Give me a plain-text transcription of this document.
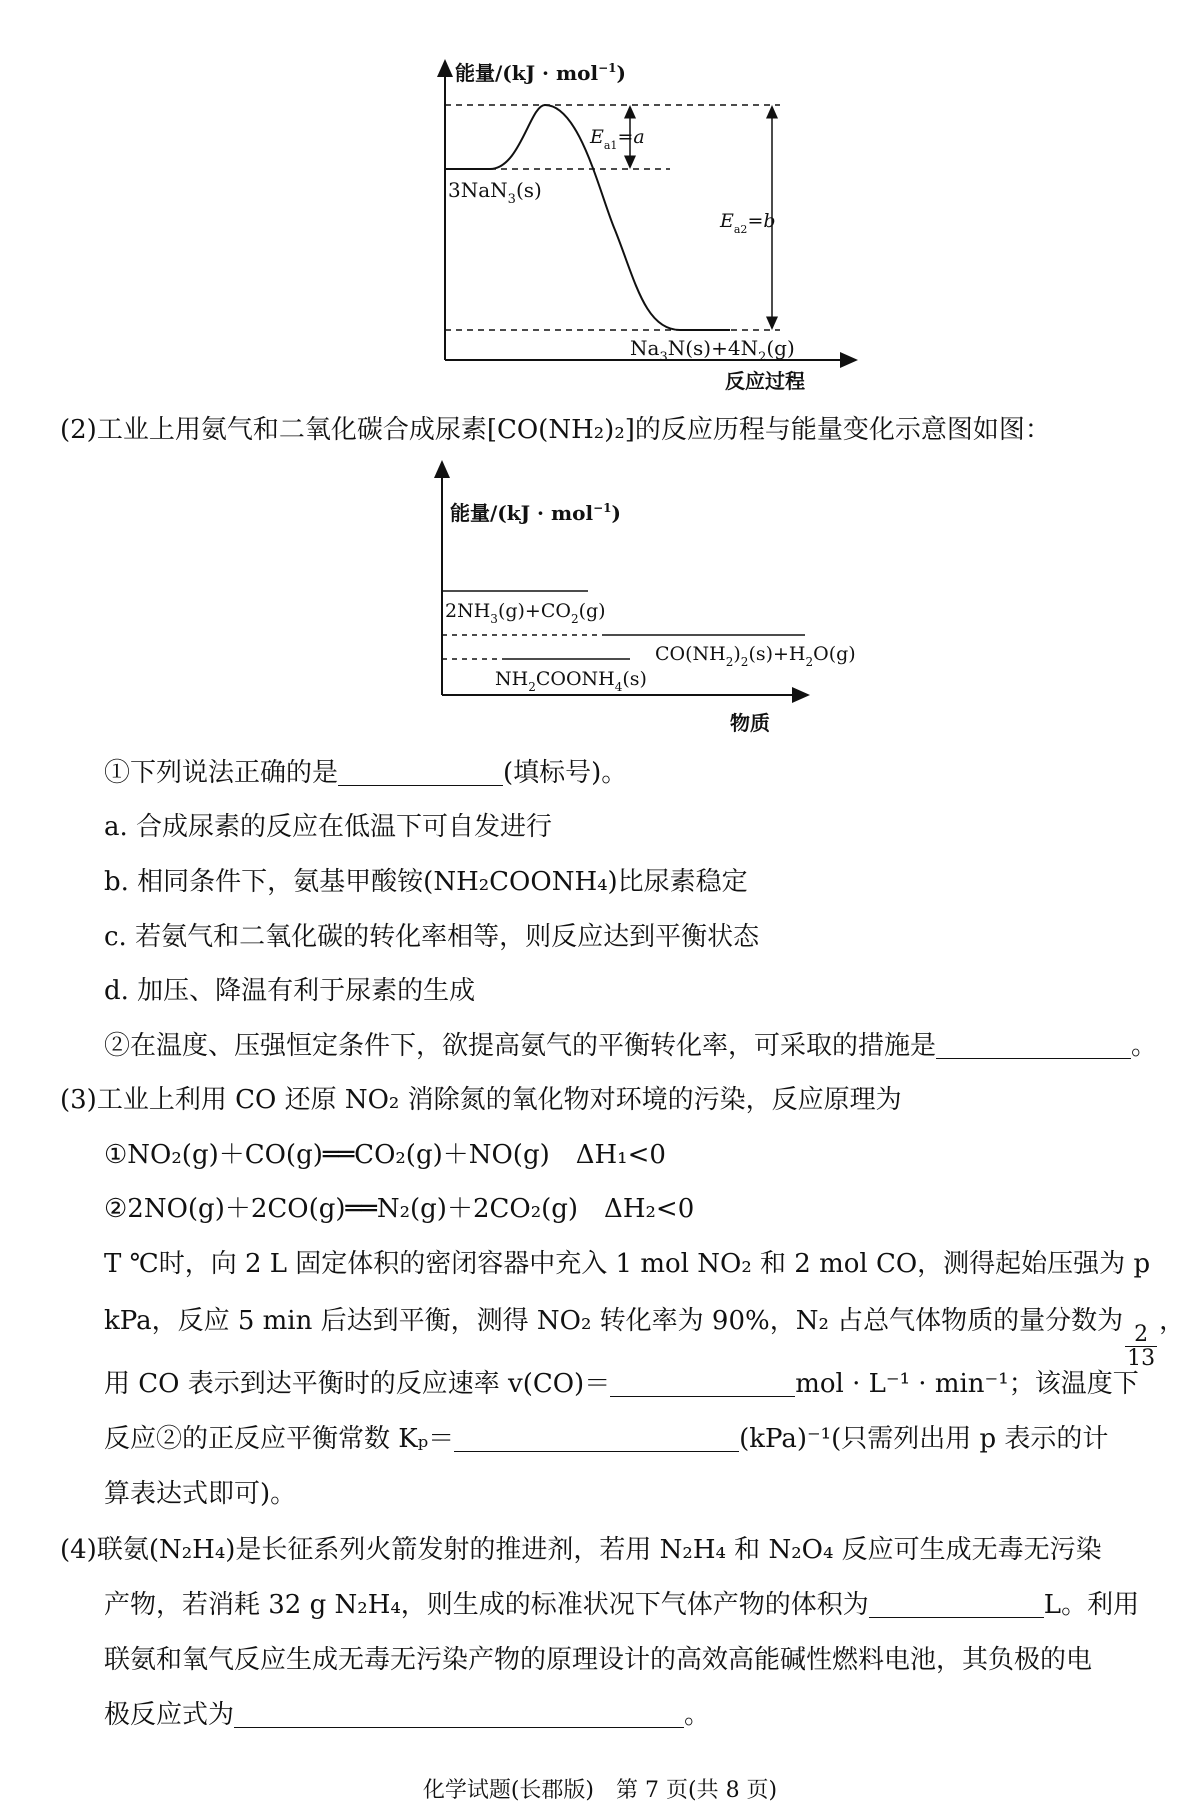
能量/(kJ · mol$^{-1}$)
3NaN$_3$(s)
$Na_3N(s)+4N_2(g)$
$E_{a1}=a$
$E_{a2}=b$
反应过程
(2)工业上用氨气和二氧化碳合成尿素[CO(NH₂)₂]的反应历程与能量变化示意图如图：
能量/(kJ · mol$^{-1}$)
$2NH_3(g)+CO_2(g)$
$CO(NH_2)_2(s)+H_2O(g)$
$NH_2COONH_4(s)$
物质
①下列说法正确的是	(填标号)。
a. 合成尿素的反应在低温下可自发进行
b. 相同条件下，氨基甲酸铵(NH₂COONH₄)比尿素稳定
c. 若氨气和二氧化碳的转化率相等，则反应达到平衡状态
d. 加压、降温有利于尿素的生成
②在温度、压强恒定条件下，欲提高氨气的平衡转化率，可采取的措施是	。
(3)工业上利用 CO 还原 NO₂ 消除氮的氧化物对环境的污染，反应原理为
①NO₂(g)＋CO(g)══CO₂(g)＋NO(g)　ΔH₁<0
②2NO(g)＋2CO(g)══N₂(g)＋2CO₂(g)　ΔH₂<0
T ℃时，向 2 L 固定体积的密闭容器中充入 1 mol NO₂ 和 2 mol CO，测得起始压强为 p
kPa，反应 5 min 后达到平衡，测得 NO₂ 转化率为 90%，N₂ 占总气体物质的量分数为
$\frac{2}{13}$
，
用 CO 表示到达平衡时的反应速率 v(CO)＝	mol · L⁻¹ · min⁻¹；该温度下
反应②的正反应平衡常数 Kₚ＝	(kPa)⁻¹(只需列出用 p 表示的计
算表达式即可)。
(4)联氨(N₂H₄)是长征系列火箭发射的推进剂，若用 N₂H₄ 和 N₂O₄ 反应可生成无毒无污染
产物，若消耗 32 g N₂H₄，则生成的标准状况下气体产物的体积为	L。利用
联氨和氧气反应生成无毒无污染产物的原理设计的高效高能碱性燃料电池，其负极的电
极反应式为	。
化学试题(长郡版)　第 7 页(共 8 页)
